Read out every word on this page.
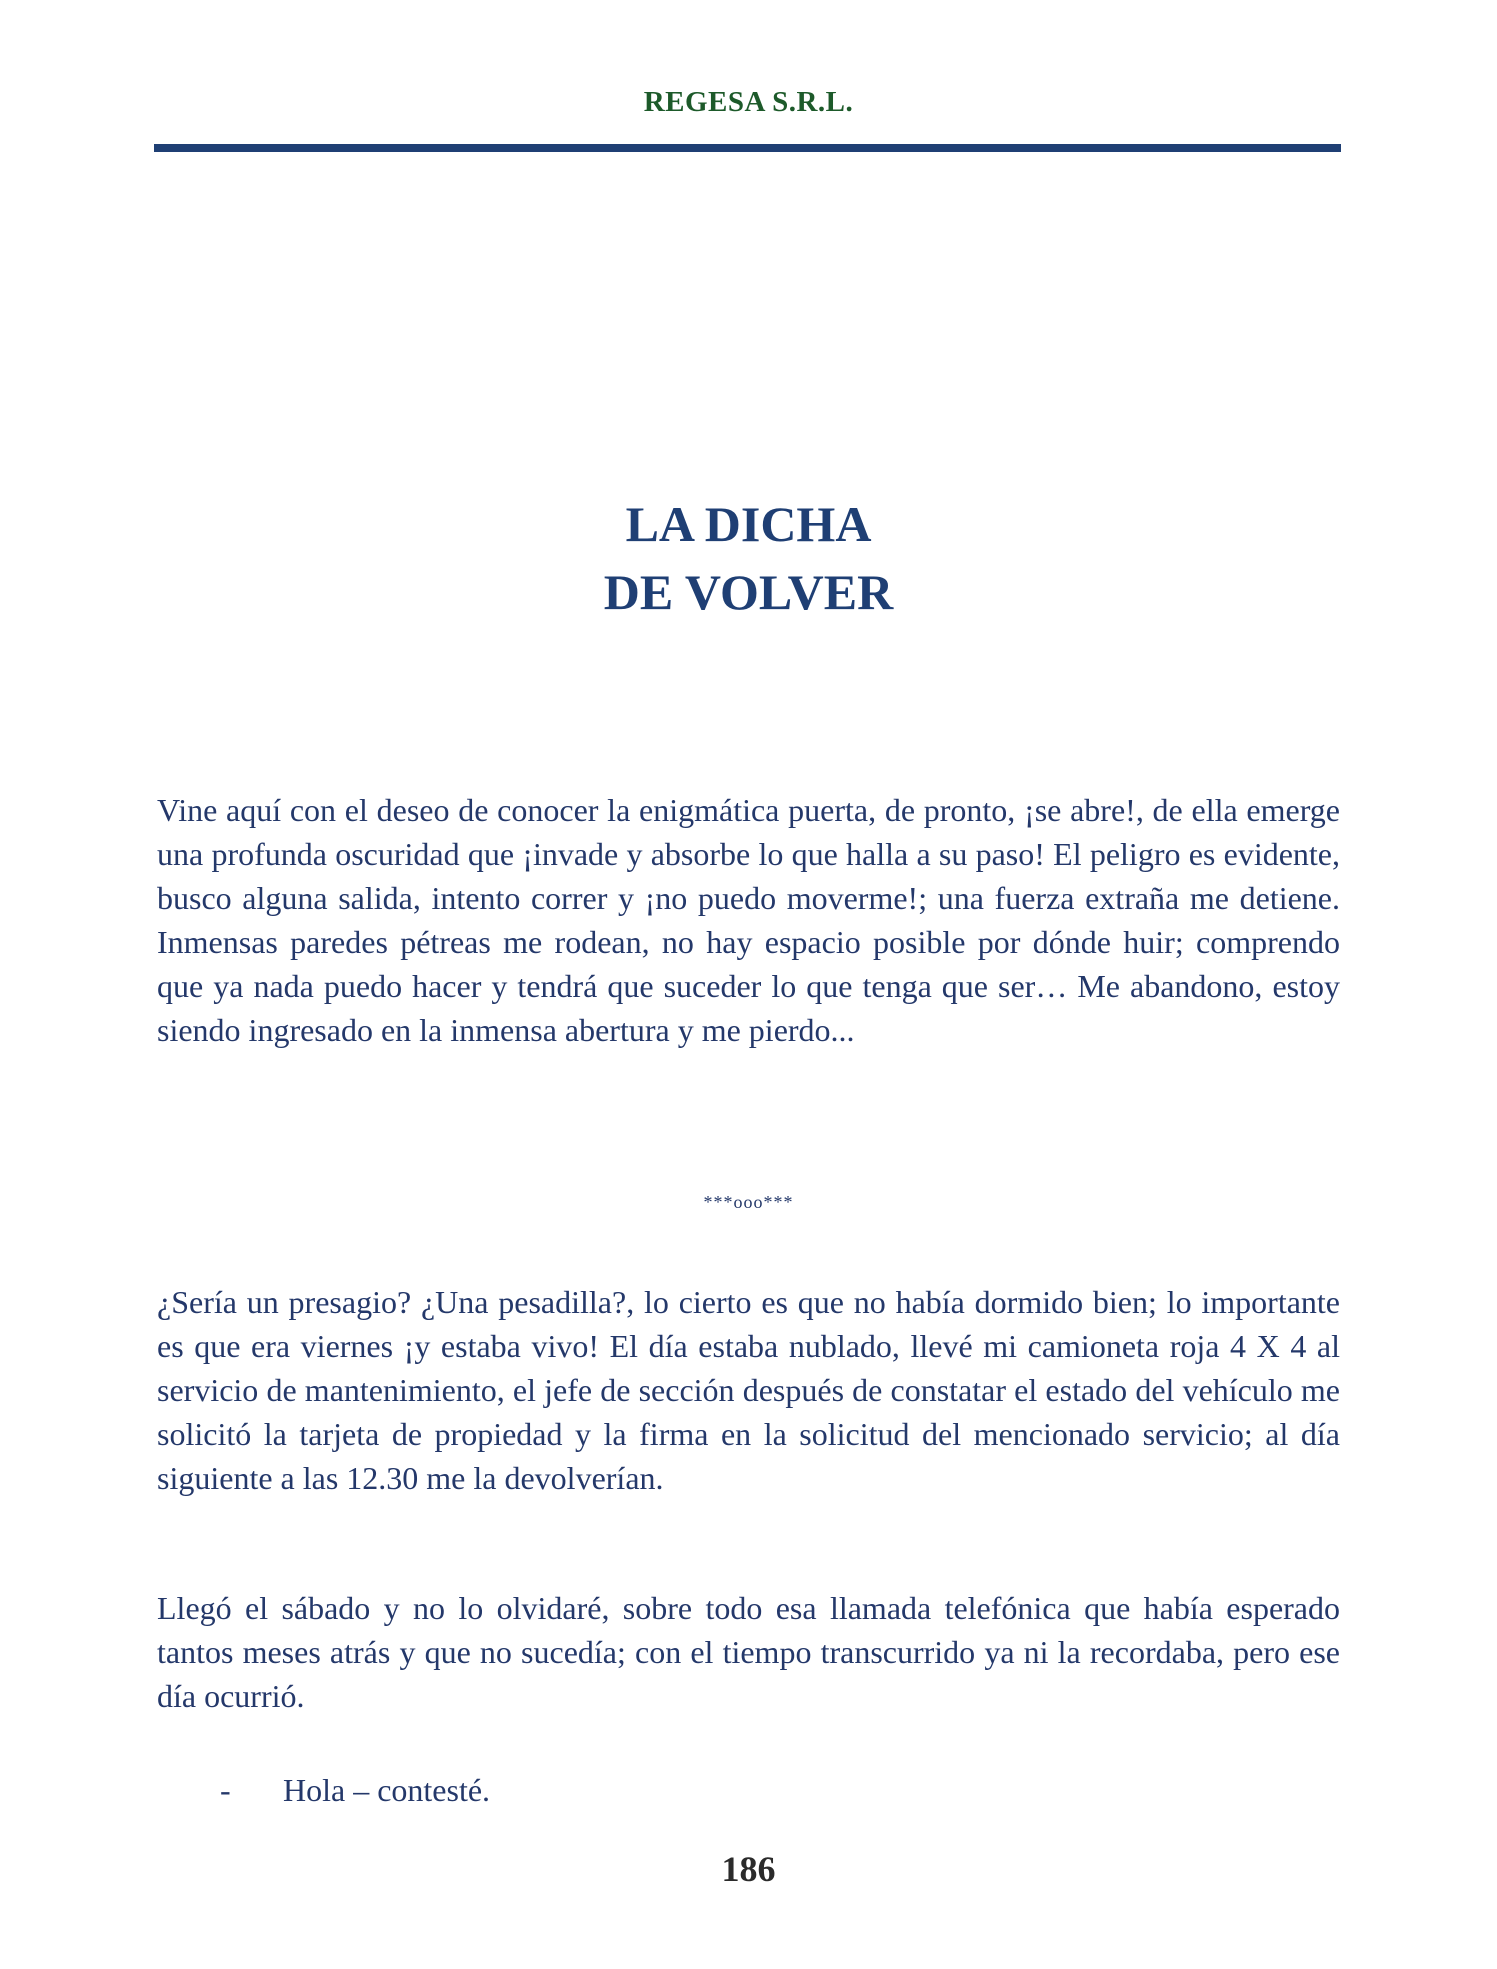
REGESA S.R.L.
LA DICHA
DE VOLVER

Vine aquí con el deseo de conocer la enigmática puerta, de pronto, ¡se abre!, de ella emerge una profunda oscuridad que ¡invade y absorbe lo que halla a su paso! El peligro es evidente, busco alguna salida, intento correr y ¡no puedo moverme!; una fuerza extraña me detiene. Inmensas paredes pétreas me rodean, no hay espacio posible por dónde huir; comprendo que ya nada puedo hacer y tendrá que suceder lo que tenga que ser… Me abandono, estoy siendo ingresado en la inmensa abertura y me pierdo...

***ooo***

¿Sería un presagio? ¿Una pesadilla?, lo cierto es que no había dormido bien; lo importante es que era viernes ¡y estaba vivo! El día estaba nublado, llevé mi camioneta roja 4 X 4 al servicio de mantenimiento, el jefe de sección después de constatar el estado del vehículo me solicitó la tarjeta de propiedad y la firma en la solicitud del mencionado servicio; al día siguiente a las 12.30 me la devolverían.

Llegó el sábado y no lo olvidaré, sobre todo esa llamada telefónica que había esperado tantos meses atrás y que no sucedía; con el tiempo transcurrido ya ni la recordaba, pero ese día ocurrió.

- Hola – contesté.
186
